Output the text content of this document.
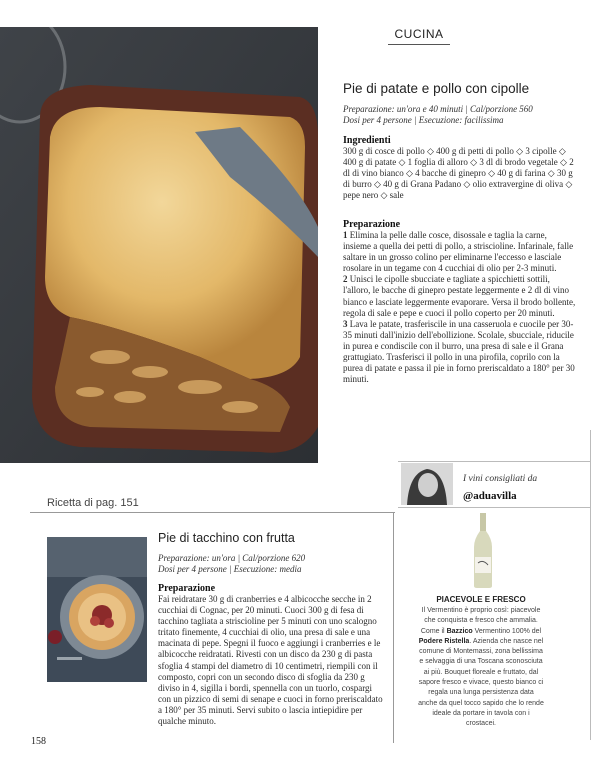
CUCINA
Pie di patate e pollo con cipolle
Preparazione: un'ora e 40 minuti | Cal/porzione 560
Dosi per 4 persone | Esecuzione: facilissima
Ingredienti
300 g di cosce di pollo ◇ 400 g di petti di pollo ◇ 3 cipolle ◇ 400 g di patate ◇ 1 foglia di alloro ◇ 3 dl di brodo vegetale ◇ 2 dl di vino bianco ◇ 4 bacche di ginepro ◇ 40 g di farina ◇ 30 g di burro ◇ 40 g di Grana Padano ◇ olio extravergine di oliva ◇ pepe nero ◇ sale
Preparazione

1 Elimina la pelle dalle cosce, disossale e taglia la carne, insieme a quella dei petti di pollo, a striscioline. Infarinale, falle saltare in un grosso colino per eliminarne l'eccesso e lasciale rosolare in un tegame con 4 cucchiai di olio per 2-3 minuti.

2 Unisci le cipolle sbucciate e tagliate a spicchietti sottili, l'alloro, le bacche di ginepro pestate leggermente e 2 dl di vino bianco e lasciate leggermente evaporare. Versa il brodo bollente, regola di sale e pepe e cuoci il pollo coperto per 20 minuti.

3 Lava le patate, trasferiscile in una casseruola e cuocile per 30-35 minuti dall'inizio dell'ebollizione. Scolale, sbucciale, riducile in purea e condiscile con il burro, una presa di sale e il Grana grattugiato. Trasferisci il pollo in una pirofila, coprilo con la purea di patate e passa il pie in forno preriscaldato a 180° per 30 minuti.

Ricetta di pag. 151
Pie di tacchino con frutta
Preparazione: un'ora | Cal/porzione 620
Dosi per 4 persone | Esecuzione: media
Preparazione
Fai reidratare 30 g di cranberries e 4 albicocche secche in 2 cucchiai di Cognac, per 20 minuti. Cuoci 300 g di fesa di tacchino tagliata a striscioline per 5 minuti con uno scalogno tritato finemente, 4 cucchiai di olio, una presa di sale e una macinata di pepe. Spegni il fuoco e aggiungi i cranberries e le albicocche reidratati. Rivesti con un disco da 230 g di pasta sfoglia 4 stampi del diametro di 10 centimetri, riempili con il composto, copri con un secondo disco di sfoglia da 230 g diviso in 4, sigilla i bordi, spennella con un tuorlo, cospargi con un pizzico di semi di senape e cuoci in forno preriscaldato a 180° per 35 minuti. Servi subito o lascia intiepidire per qualche minuto.
I vini consigliati da
@aduavilla
PIACEVOLE E FRESCO
Il Vermentino è proprio così: piacevole che conquista e fresco che ammalia. Come il Bazzico Vermentino 100% del Podere Ristella. Azienda che nasce nel comune di Montemassi, zona bellissima e selvaggia di una Toscana sconosciuta ai più. Bouquet floreale e fruttato, dal sapore fresco e vivace, questo bianco ci regala una lunga persistenza data anche da quel tocco sapido che lo rende ideale da portare in tavola con i crostacei.
158
